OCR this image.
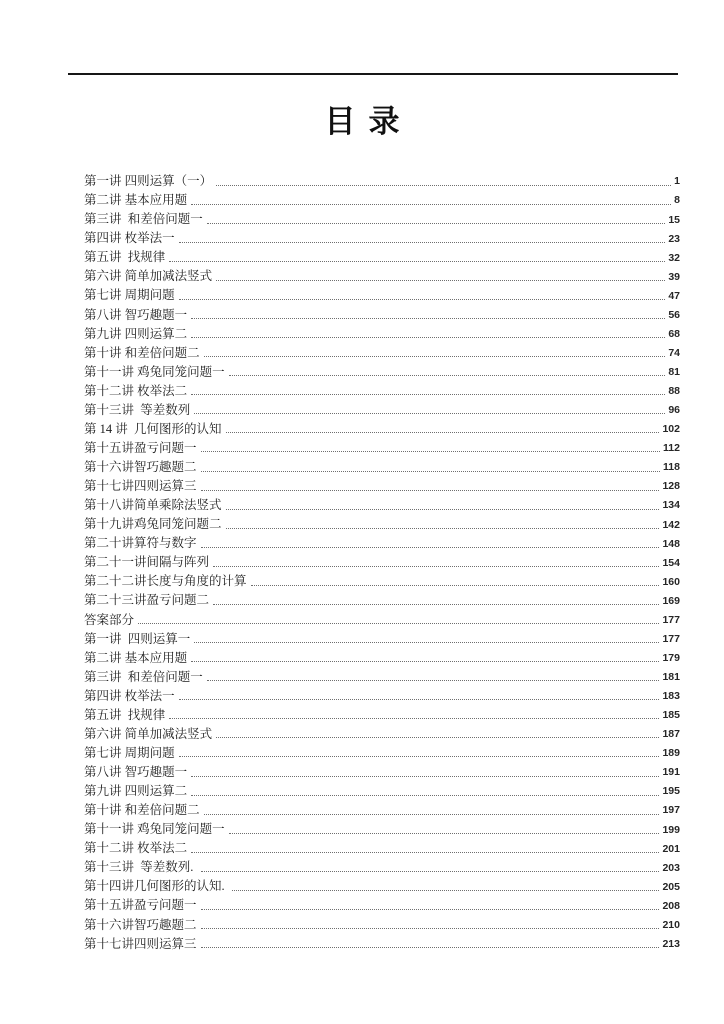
目录
第一讲 四则运算（一）	1
第二讲 基本应用题	8
第三讲  和差倍问题一	15
第四讲 枚举法一	23
第五讲  找规律	32
第六讲 简单加减法竖式	39
第七讲 周期问题	47
第八讲 智巧趣题一	56
第九讲 四则运算二	68
第十讲 和差倍问题二	74
第十一讲 鸡兔同笼问题一	81
第十二讲 枚举法二	88
第十三讲  等差数列	96
第 14 讲  几何图形的认知	102
第十五讲盈亏问题一	112
第十六讲智巧趣题二	118
第十七讲四则运算三	128
第十八讲简单乘除法竖式	134
第十九讲鸡兔同笼问题二	142
第二十讲算符与数字	148
第二十一讲间隔与阵列	154
第二十二讲长度与角度的计算	160
第二十三讲盈亏问题二	169
答案部分	177
第一讲  四则运算一	177
第二讲 基本应用题	179
第三讲  和差倍问题一	181
第四讲 枚举法一	183
第五讲  找规律	185
第六讲 简单加减法竖式	187
第七讲 周期问题	189
第八讲 智巧趣题一	191
第九讲 四则运算二	195
第十讲 和差倍问题二	197
第十一讲 鸡兔同笼问题一	199
第十二讲 枚举法二	201
第十三讲  等差数列.	203
第十四讲几何图形的认知.	205
第十五讲盈亏问题一	208
第十六讲智巧趣题二	210
第十七讲四则运算三	213
